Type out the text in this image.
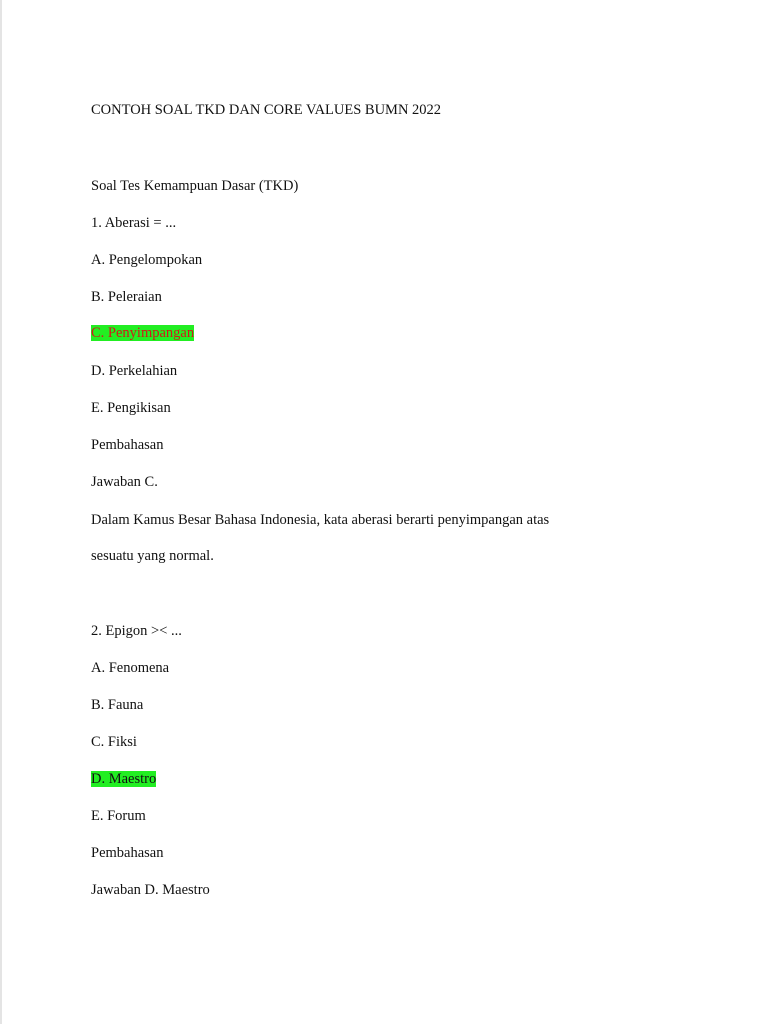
CONTOH SOAL TKD DAN CORE VALUES BUMN 2022
Soal Tes Kemampuan Dasar (TKD)
1. Aberasi = ...
A. Pengelompokan
B. Peleraian
C. Penyimpangan
D. Perkelahian
E. Pengikisan
Pembahasan
Jawaban C.
Dalam Kamus Besar Bahasa Indonesia, kata aberasi berarti penyimpangan atas
sesuatu yang normal.
2. Epigon >< ...
A. Fenomena
B. Fauna
C. Fiksi
D. Maestro
E. Forum
Pembahasan
Jawaban D. Maestro
